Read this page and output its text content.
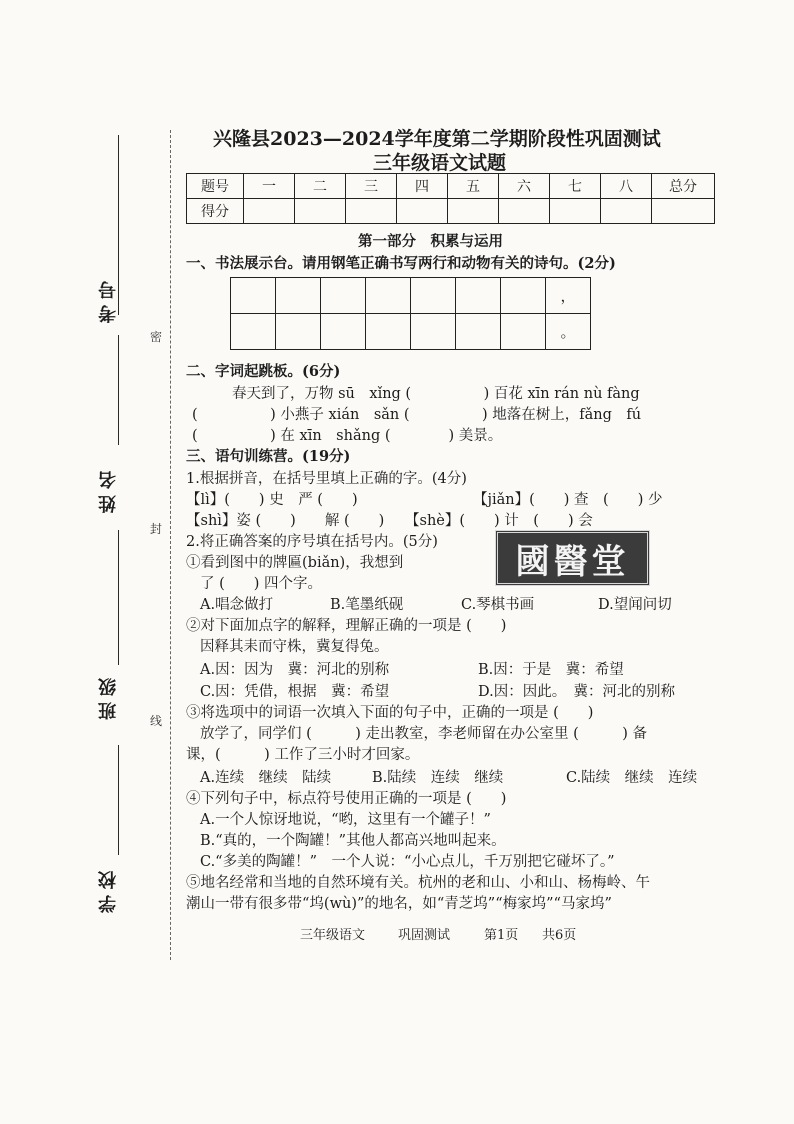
考号
姓名
班级
学校
密
封
线
兴隆县2023—2024学年度第二学期阶段性巩固测试
三年级语文试题
题号	一	二	三	四	五	六	七	八	总分
得分									
第一部分　积累与运用
一、书法展示台。请用钢笔正确书写两行和动物有关的诗句。(2分)
							，
							。
二、字词起跳板。(6分)
春天到了，万物 sū　xǐng (　　　　　) 百花 xīn rán nù fàng
(　　　　　) 小燕子 xián　sǎn (　　　　　) 地落在树上，fǎng　fú
(　　　　　) 在 xīn　shǎng (　　　　) 美景。
三、语句训练营。(19分)
1.根据拼音，在括号里填上正确的字。(4分)
【lì】(　　) 史　严 (　　)	【jiǎn】(　　) 查　(　　) 少
【shì】姿 (　　)　　解 (　　) 【shè】(　　) 计　(　　) 会
2.将正确答案的序号填在括号内。(5分)
①看到图中的牌匾(biǎn)，我想到
了 (　　) 四个字。
國醫堂
A.唱念做打	B.笔墨纸砚	C.琴棋书画	D.望闻问切
②对下面加点字的解释，理解正确的一项是 (　　)
因释其耒而守株，冀复得兔。
A.因：因为　冀：河北的别称	B.因：于是　冀：希望
C.因：凭借，根据　冀：希望	D.因：因此。　冀：河北的别称
③将选项中的词语一次填入下面的句子中，正确的一项是 (　　)
放学了，同学们 (　　　) 走出教室，李老师留在办公室里 (　　　) 备
课，(　　　) 工作了三小时才回家。
A.连续　继续　陆续	B.陆续　连续　继续	C.陆续　继续　连续
④下列句子中，标点符号使用正确的一项是 (　　)
A.一个人惊讶地说，“哟，这里有一个罐子！”
B.“真的，一个陶罐！”其他人都高兴地叫起来。
C.“多美的陶罐！”　一个人说：“小心点儿，千万别把它碰坏了。”
⑤地名经常和当地的自然环境有关。杭州的老和山、小和山、杨梅岭、午
潮山一带有很多带“坞(wù)”的地名，如“青芝坞”“梅家坞”“马家坞”
三年级语文	巩固测试	第1页 共6页
